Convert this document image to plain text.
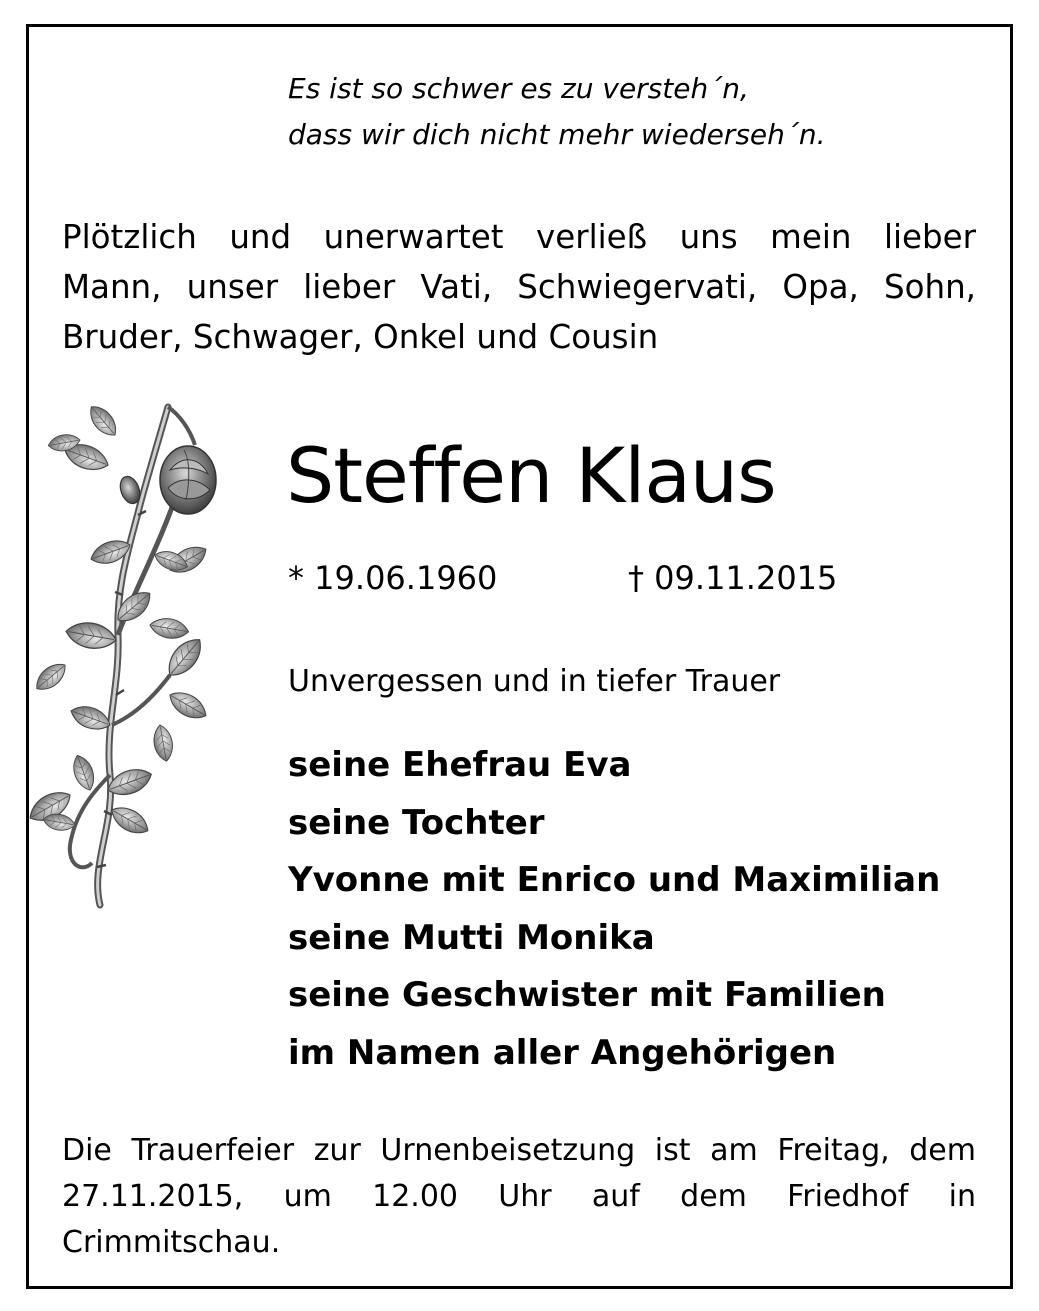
Es ist so schwer es zu versteh´n,
dass wir dich nicht mehr wiederseh´n.
Plötzlich und unerwartet verließ uns mein lieber
Mann, unser lieber Vati, Schwiegervati, Opa, Sohn,
Bruder, Schwager, Onkel und Cousin
Steffen Klaus
* 19.06.1960	† 09.11.2015
Unvergessen und in tiefer Trauer
seine Ehefrau Eva
seine Tochter
Yvonne mit Enrico und Maximilian
seine Mutti Monika
seine Geschwister mit Familien
im Namen aller Angehörigen
Die Trauerfeier zur Urnenbeisetzung ist am Freitag, dem
27.11.2015, um 12.00 Uhr auf dem Friedhof in
Crimmitschau.
